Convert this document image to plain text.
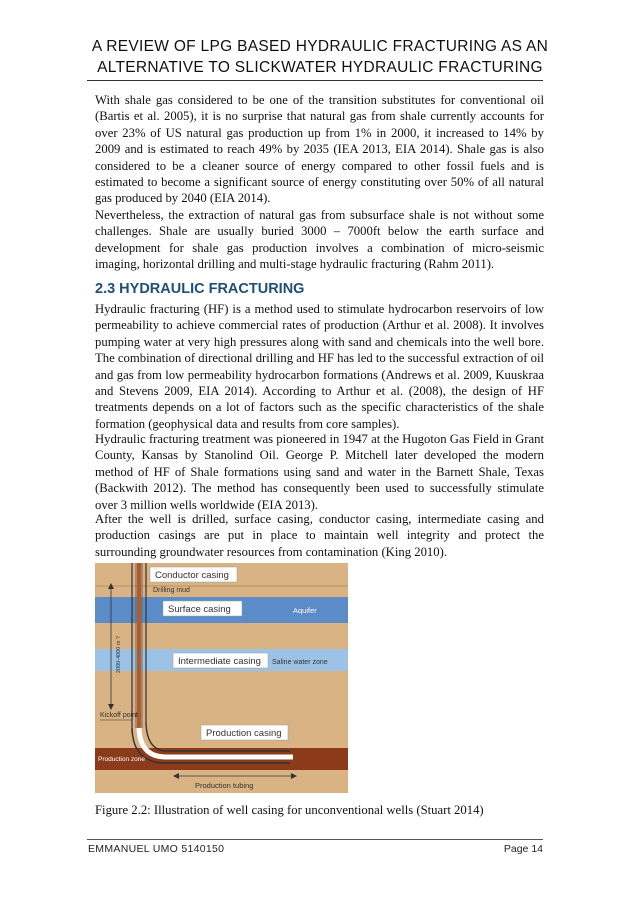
A REVIEW OF LPG BASED HYDRAULIC FRACTURING AS AN
ALTERNATIVE TO SLICKWATER HYDRAULIC FRACTURING

With shale gas considered to be one of the transition substitutes for conventional oil (Bartis et al. 2005), it is no surprise that natural gas from shale currently accounts for over 23% of US natural gas production up from 1% in 2000, it increased to 14% by 2009 and is estimated to reach 49% by 2035 (IEA 2013, EIA 2014). Shale gas is also considered to be a cleaner source of energy compared to other fossil fuels and is estimated to become a significant source of energy constituting over 50% of all natural gas produced by 2040 (EIA 2014).

Nevertheless, the extraction of natural gas from subsurface shale is not without some challenges. Shale are usually buried 3000 – 7000ft below the earth surface and development for shale gas production involves a combination of micro-seismic imaging, horizontal drilling and multi-stage hydraulic fracturing (Rahm 2011).

2.3 HYDRAULIC FRACTURING

Hydraulic fracturing (HF) is a method used to stimulate hydrocarbon reservoirs of low permeability to achieve commercial rates of production (Arthur et al. 2008). It involves pumping water at very high pressures along with sand and chemicals into the well bore. The combination of directional drilling and HF has led to the successful extraction of oil and gas from low permeability hydrocarbon formations (Andrews et al. 2009, Kuuskraa and Stevens 2009, EIA 2014). According to Arthur et al. (2008), the design of HF treatments depends on a lot of factors such as the specific characteristics of the shale formation (geophysical data and results from core samples).

Hydraulic fracturing treatment was pioneered in 1947 at the Hugoton Gas Field in Grant County, Kansas by Stanolind Oil. George P. Mitchell later developed the modern method of HF of Shale formations using sand and water in the Barnett Shale, Texas (Backwith 2012). The method has consequently been used to successfully stimulate over 3 million wells worldwide (EIA 2013).

After the well is drilled, surface casing, conductor casing, intermediate casing and production casings are put in place to maintain well integrity and protect the surrounding groundwater resources from contamination (King 2010).

Conductor casing
Drilling mud
Surface casing	Aquifer
Intermediate casing Saline water zone
2000-4000 m ?
Kickoff point
Production casing
Production zone
Production tubing

Figure 2.2: Illustration of well casing for unconventional wells (Stuart 2014)

EMMANUEL UMO 5140150	Page 14
